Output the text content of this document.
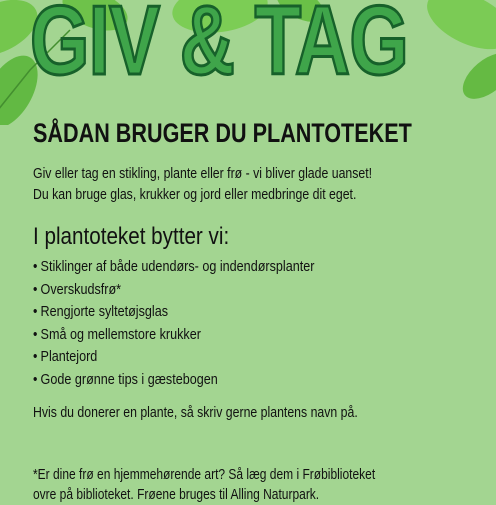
GIV & TAG
SÅDAN BRUGER DU PLANTOTEKET

Giv eller tag en stikling, plante eller frø - vi bliver glade uanset!

Du kan bruge glas, krukker og jord eller medbringe dit eget.

I plantoteket bytter vi:
• Stiklinger af både udendørs- og indendørsplanter
• Overskudsfrø*
• Rengjorte syltetøjsglas
• Små og mellemstore krukker
• Plantejord
• Gode grønne tips i gæstebogen
Hvis du donerer en plante, så skriv gerne plantens navn på.

*Er dine frø en hjemmehørende art? Så læg dem i Frøbiblioteket

ovre på biblioteket. Frøene bruges til Alling Naturpark.
